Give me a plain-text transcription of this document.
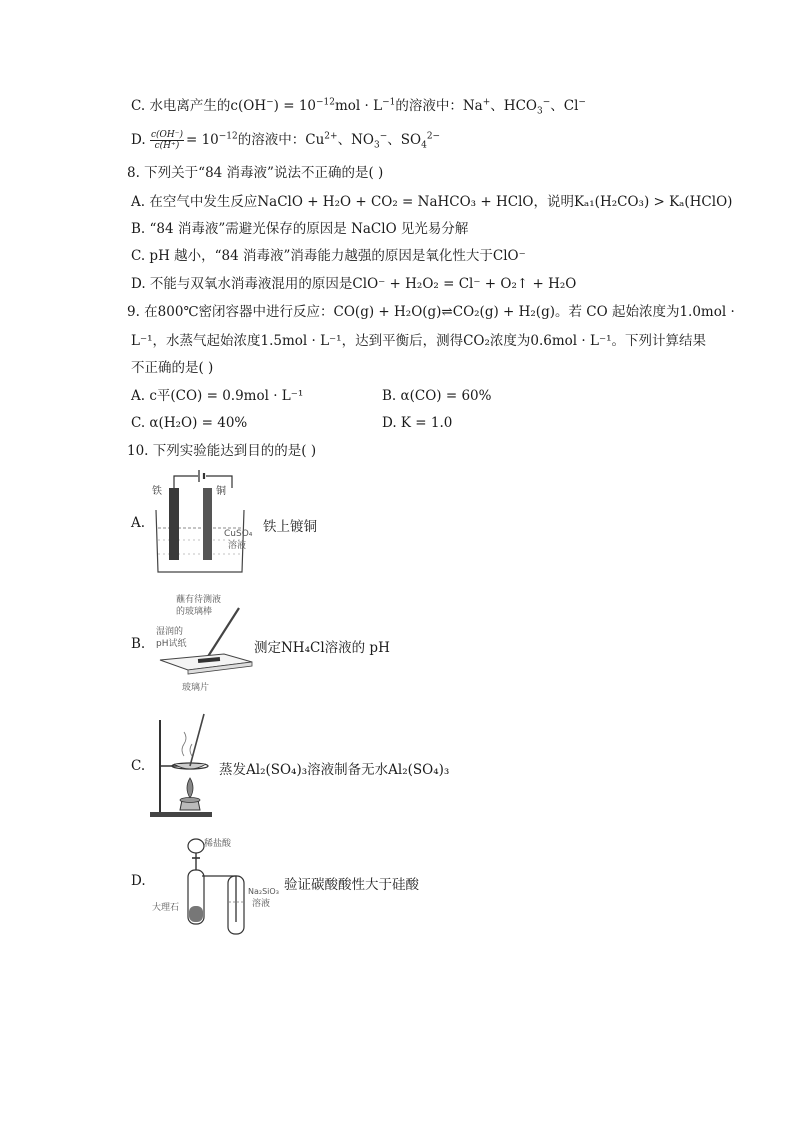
C. 水电离产生的$c(OH^-) = 10^{-12}mol \cdot L^{-1}$的溶液中：Na+、$HCO_3^-$、Cl−
D. $\frac{c(OH^-)}{c(H^+)} = 10^{-12}$的溶液中：$Cu^{2+}$、$NO_3^-$、$SO_4^{2-}$
8. 下列关于“84 消毒液”说法不正确的是( )
A. 在空气中发生反应NaClO + H₂O + CO₂ = NaHCO₃ + HClO，说明Kₐ₁(H₂CO₃) > Kₐ(HClO)
B. “84 消毒液”需避光保存的原因是 NaClO 见光易分解
C. pH 越小，“84 消毒液”消毒能力越强的原因是氧化性大于ClO⁻
D. 不能与双氧水消毒液混用的原因是ClO⁻ + H₂O₂ = Cl⁻ + O₂↑ + H₂O
9. 在800℃密闭容器中进行反应：CO(g) + H₂O(g)⇌CO₂(g) + H₂(g)。若 CO 起始浓度为1.0mol ·
L⁻¹，水蒸气起始浓度1.5mol · L⁻¹，达到平衡后，测得CO₂浓度为0.6mol · L⁻¹。下列计算结果
不正确的是( )
A. c平(CO) = 0.9mol · L⁻¹	B. α(CO) = 60%
C. α(H₂O) = 40%	D. K = 1.0
10. 下列实验能达到目的的是( )
A.
铁	铜
CuSO₄
溶液
铁上镀铜
B.
蘸有待测液
的玻璃棒
湿润的
pH试纸
玻璃片
测定NH₄Cl溶液的 pH
C.	蒸发Al₂(SO₄)₃溶液制备无水Al₂(SO₄)₃
D.
稀盐酸
大理石
Na₂SiO₃
溶液
验证碳酸酸性大于硅酸
